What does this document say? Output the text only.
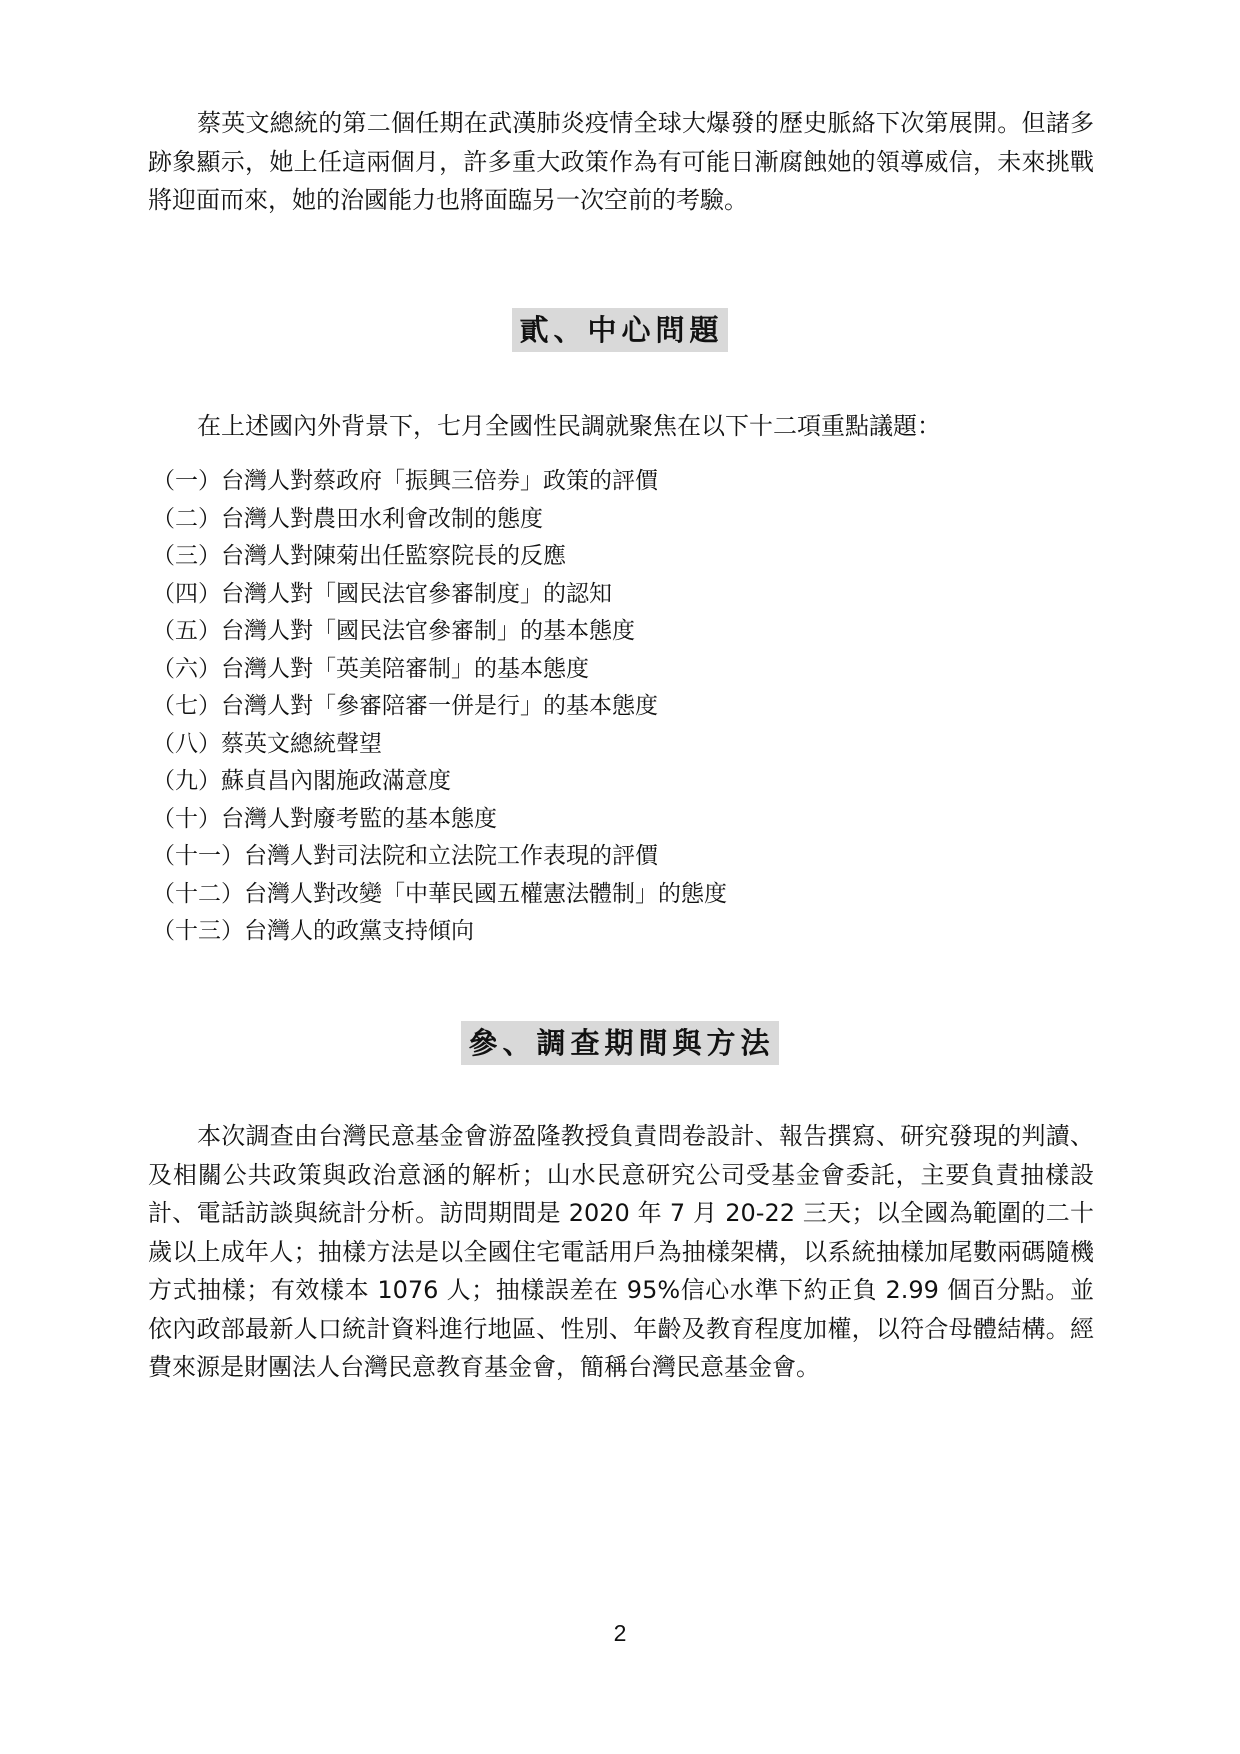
蔡英文總統的第二個任期在武漢肺炎疫情全球大爆發的歷史脈絡下次第展開。但諸多跡象顯示，她上任這兩個月，許多重大政策作為有可能日漸腐蝕她的領導威信，未來挑戰將迎面而來，她的治國能力也將面臨另一次空前的考驗。

貳、中心問題

在上述國內外背景下，七月全國性民調就聚焦在以下十二項重點議題：

（一）台灣人對蔡政府「振興三倍券」政策的評價
（二）台灣人對農田水利會改制的態度
（三）台灣人對陳菊出任監察院長的反應
（四）台灣人對「國民法官參審制度」的認知
（五）台灣人對「國民法官參審制」的基本態度
（六）台灣人對「英美陪審制」的基本態度
（七）台灣人對「參審陪審一併是行」的基本態度
（八）蔡英文總統聲望
（九）蘇貞昌內閣施政滿意度
（十）台灣人對廢考監的基本態度
（十一）台灣人對司法院和立法院工作表現的評價
（十二）台灣人對改變「中華民國五權憲法體制」的態度
（十三）台灣人的政黨支持傾向
參、調查期間與方法

本次調查由台灣民意基金會游盈隆教授負責問卷設計、報告撰寫、研究發現的判讀、及相關公共政策與政治意涵的解析；山水民意研究公司受基金會委託，主要負責抽樣設計、電話訪談與統計分析。訪問期間是 2020 年 7 月 20-22 三天；以全國為範圍的二十歲以上成年人；抽樣方法是以全國住宅電話用戶為抽樣架構，以系統抽樣加尾數兩碼隨機方式抽樣；有效樣本 1076 人；抽樣誤差在 95%信心水準下約正負 2.99 個百分點。並依內政部最新人口統計資料進行地區、性別、年齡及教育程度加權，以符合母體結構。經費來源是財團法人台灣民意教育基金會，簡稱台灣民意基金會。

2
